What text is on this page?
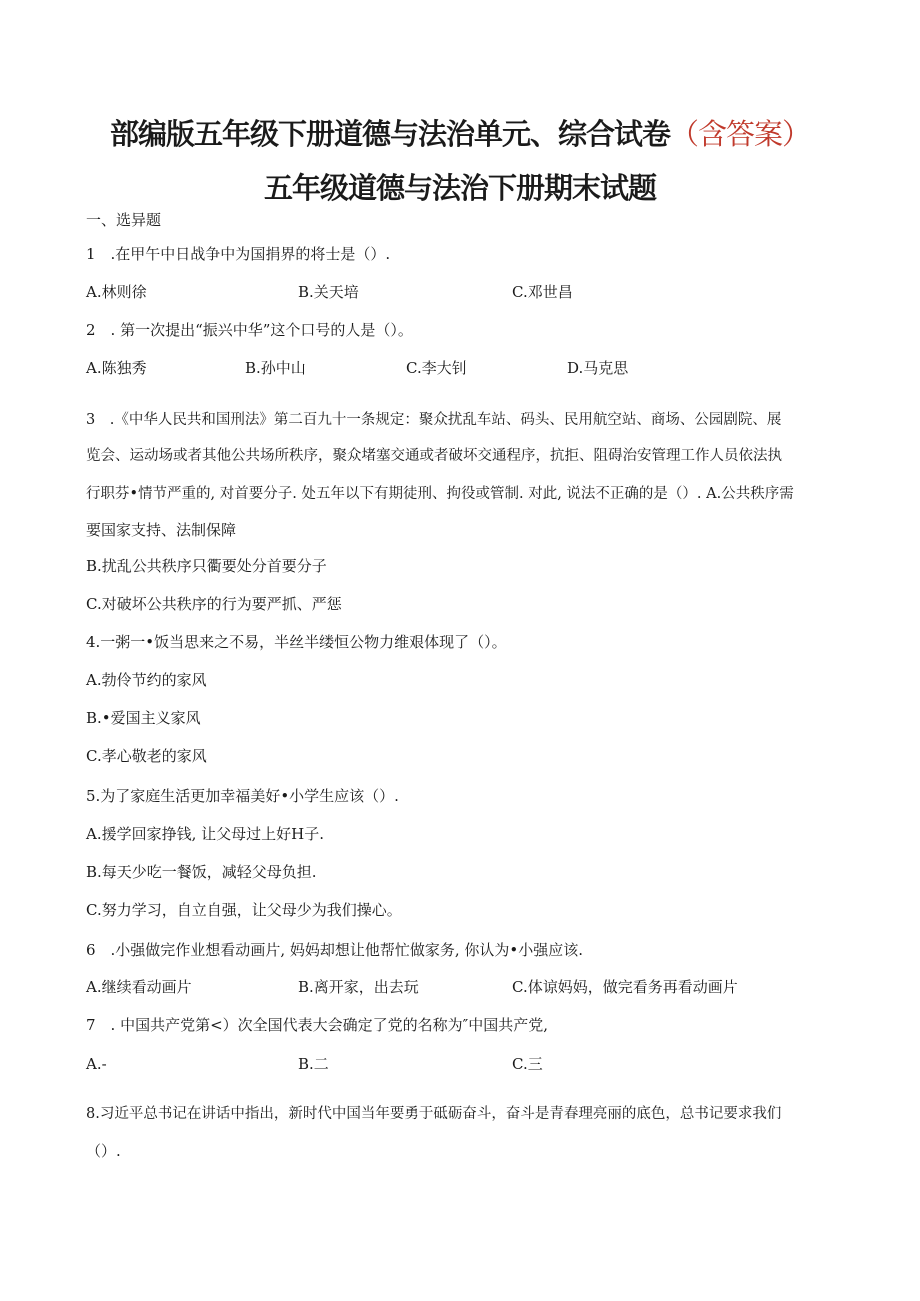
部编版五年级下册道德与法治单元、综合试卷（含答案）
五年级道德与法治下册期末试题
一、选异题
1　.在甲午中日战争中为国捐界的将士是（）.
A.林则徐	B.关天培	C.邓世昌
2　. 第一次提出“振兴中华”这个口号的人是（）。
A.陈独秀	B.孙中山	C.李大钊	D.马克思
3　.《中华人民共和国刑法》第二百九十一条规定：聚众扰乱车站、码头、民用航空站、商场、公园剧院、展
览会、运动场或者其他公共场所秩序，聚众堵塞交通或者破坏交通程序，抗拒、阻碍治安管理工作人员依法执
行职芬•情节严重的, 对首要分子. 处五年以下有期徒刑、拘役或管制. 对此, 说法不正确的是（）. A.公共秩序需
要国家支持、法制保障
B.扰乱公共秩序只衢要处分首要分子
C.对破坏公共秩序的行为要严抓、严惩
4.一粥一•饭当思来之不易，半丝半缕恒公物力维艰体现了（）。
A.勃伶节约的家风
B.•爱国主义家风
C.孝心敬老的家风
5.为了家庭生活更加幸福美好•小学生应该（）.
A.援学回家挣钱, 让父母过上好H子.
B.每天少吃一餐饭，减轻父母负担.
C.努力学习，自立自强，让父母少为我们操心。
6　.小强做完作业想看动画片, 妈妈却想让他帮忙做家务, 你认为•小强应该.
A.继续看动画片	B.离开家，出去玩	C.体谅妈妈，做完看务再看动画片
7　. 中国共产党第<）次全国代表大会确定了党的名称为″中国共产党,
A.-	B.二	C.三
8.习近平总书记在讲话中指出，新时代中国当年要勇于砥砺奋斗，奋斗是青春理亮丽的底色，总书记要求我们
（）.
